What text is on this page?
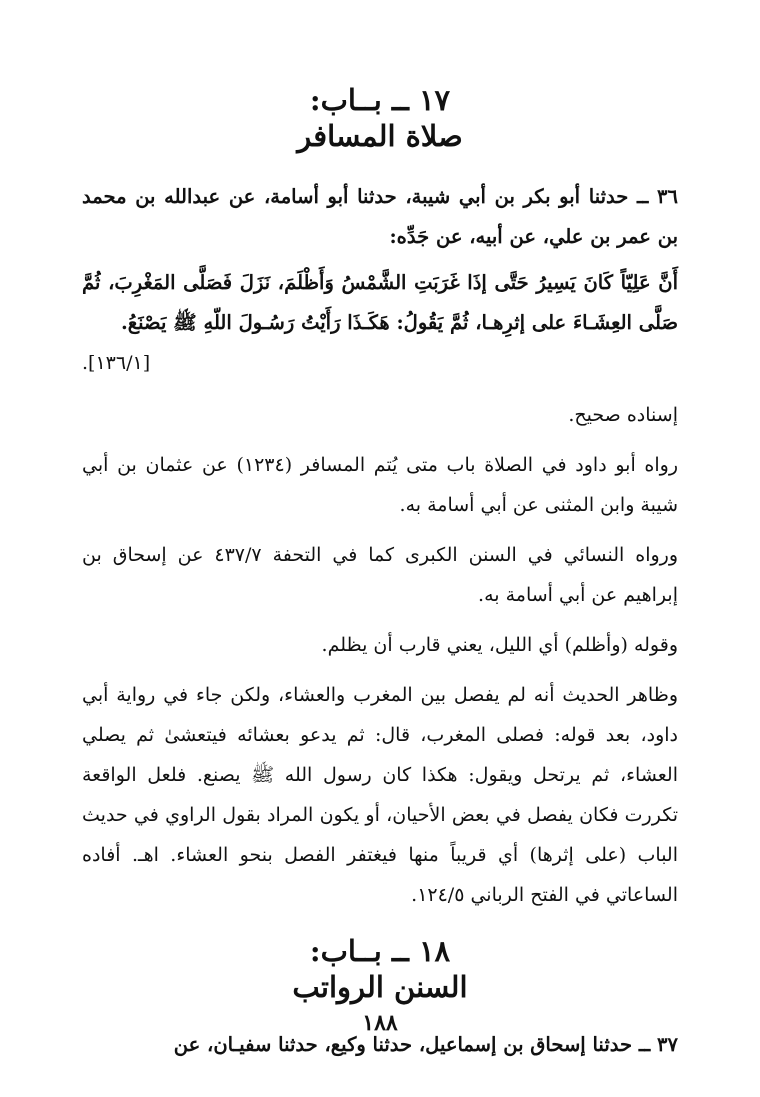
١٧ ــ بــاب:
صلاة المسافر

٣٦ ــ حدثنا أبو بكر بن أبي شيبة، حدثنا أبو أسامة، عن عبدالله بن محمد بن عمر بن علي، عن أبيه، عن جَدِّه:

أَنَّ عَلِيّاً كَانَ يَسِيرُ حَتَّى إذَا غَرَبَتِ الشَّمْسُ وَأَظْلَمَ، نَزَلَ فَصَلَّى المَغْرِبَ، ثُمَّ صَلَّى العِشَـاءَ على إثرِهـا، ثُمَّ يَقُولُ: هَكَـذَا رَأَيْتُ رَسُـولَ اللّهِ ﷺ يَصْنَعُ.

[١٣٦/١].

إسناده صحيح.

رواه أبو داود في الصلاة باب متى يُتم المسافر (١٢٣٤) عن عثمان بن أبي شيبة وابن المثنى عن أبي أسامة به.

ورواه النسائي في السنن الكبرى كما في التحفة ٤٣٧/٧ عن إسحاق بن إبراهيم عن أبي أسامة به.

وقوله (وأظلم) أي الليل، يعني قارب أن يظلم.

وظاهر الحديث أنه لم يفصل بين المغرب والعشاء، ولكن جاء في رواية أبي داود، بعد قوله: فصلى المغرب، قال: ثم يدعو بعشائه فيتعشىٰ ثم يصلي العشاء، ثم يرتحل ويقول: هكذا كان رسول الله ﷺ يصنع. فلعل الواقعة تكررت فكان يفصل في بعض الأحيان، أو يكون المراد بقول الراوي في حديث الباب (على إثرها) أي قريباً منها فيغتفر الفصل بنحو العشاء. اهـ. أفاده الساعاتي في الفتح الرباني ١٢٤/٥.

١٨ ــ بــاب:
السنن الرواتب

٣٧ ــ حدثنا إسحاق بن إسماعيل، حدثنا وكيع، حدثنا سفيـان، عن

١٨٨
